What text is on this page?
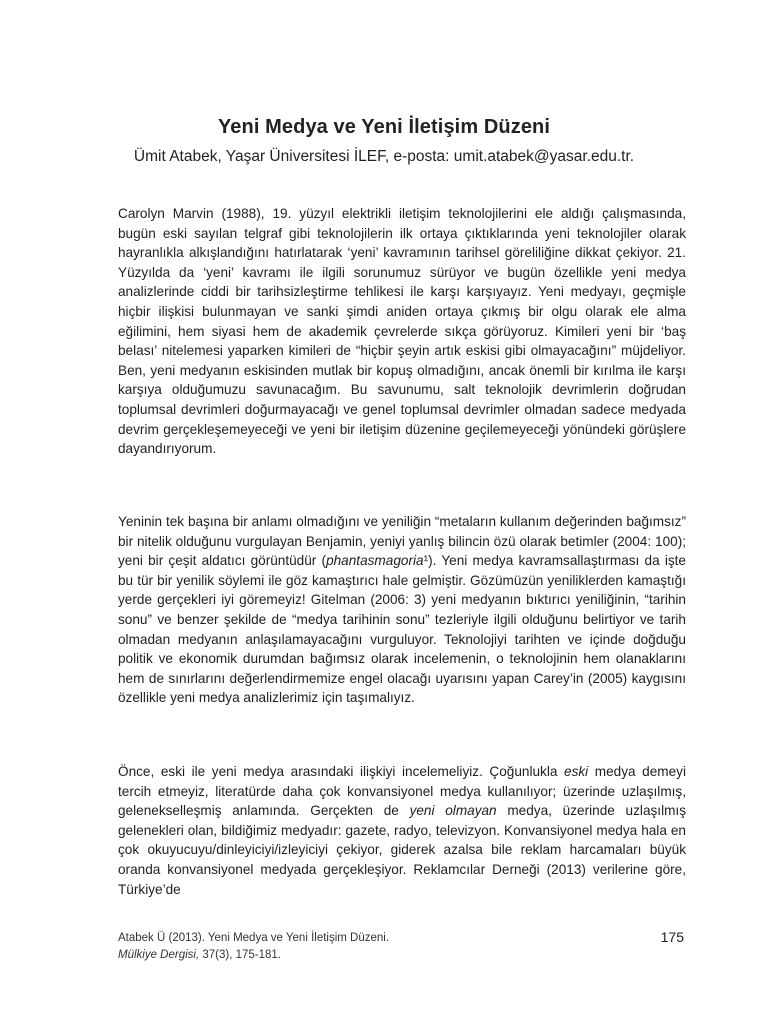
Yeni Medya ve Yeni İletişim Düzeni
Ümit Atabek, Yaşar Üniversitesi İLEF, e-posta: umit.atabek@yasar.edu.tr.

Carolyn Marvin (1988), 19. yüzyıl elektrikli iletişim teknolojilerini ele aldığı çalışmasında, bugün eski sayılan telgraf gibi teknolojilerin ilk ortaya çıktıklarında yeni teknolojiler olarak hayranlıkla alkışlandığını hatırlatarak ‘yeni’ kavramının tarihsel göreliliğine dikkat çekiyor. 21. Yüzyılda da ‘yeni’ kavramı ile ilgili sorunumuz sürüyor ve bugün özellikle yeni medya analizlerinde ciddi bir tarihsizleştirme tehlikesi ile karşı karşıyayız. Yeni medyayı, geçmişle hiçbir ilişkisi bulunmayan ve sanki şimdi aniden ortaya çıkmış bir olgu olarak ele alma eğilimini, hem siyasi hem de akademik çevrelerde sıkça görüyoruz. Kimileri yeni bir ‘baş belası’ nitelemesi yaparken kimileri de “hiçbir şeyin artık eskisi gibi olmayacağını” müjdeliyor. Ben, yeni medyanın eskisinden mutlak bir kopuş olmadığını, ancak önemli bir kırılma ile karşı karşıya olduğumuzu savunacağım. Bu savunumu, salt teknolojik devrimlerin doğrudan toplumsal devrimleri doğurmayacağı ve genel toplumsal devrimler olmadan sadece medyada devrim gerçekleşemeyeceği ve yeni bir iletişim düzenine geçilemeyeceği yönündeki görüşlere dayandırıyorum.

Yeninin tek başına bir anlamı olmadığını ve yeniliğin “metaların kullanım değerinden bağımsız” bir nitelik olduğunu vurgulayan Benjamin, yeniyi yanlış bilincin özü olarak betimler (2004: 100); yeni bir çeşit aldatıcı görüntüdür (phantasmagoria¹). Yeni medya kavramsallaştırması da işte bu tür bir yenilik söylemi ile göz kamaştırıcı hale gelmiştir. Gözümüzün yeniliklerden kamaştığı yerde gerçekleri iyi göremeyiz! Gitelman (2006: 3) yeni medyanın bıktırıcı yeniliğinin, “tarihin sonu” ve benzer şekilde de “medya tarihinin sonu” tezleriyle ilgili olduğunu belirtiyor ve tarih olmadan medyanın anlaşılamayacağını vurguluyor. Teknolojiyi tarihten ve içinde doğduğu politik ve ekonomik durumdan bağımsız olarak incelemenin, o teknolojinin hem olanaklarını hem de sınırlarını değerlendirmemize engel olacağı uyarısını yapan Carey’in (2005) kaygısını özellikle yeni medya analizlerimiz için taşımalıyız.

Önce, eski ile yeni medya arasındaki ilişkiyi incelemeliyiz. Çoğunlukla eski medya demeyi tercih etmeyiz, literatürde daha çok konvansiyonel medya kullanılıyor; üzerinde uzlaşılmış, gelenekselleşmiş anlamında. Gerçekten de yeni olmayan medya, üzerinde uzlaşılmış gelenekleri olan, bildiğimiz medyadır: gazete, radyo, televizyon. Konvansiyonel medya hala en çok okuyucuyu/dinleyiciyi/izleyiciyi çekiyor, giderek azalsa bile reklam harcamaları büyük oranda konvansiyonel medyada gerçekleşiyor. Reklamcılar Derneği (2013) verilerine göre, Türkiye’de

Atabek Ü (2013). Yeni Medya ve Yeni İletişim Düzeni.
Mülkiye Dergisi, 37(3), 175-181.
175
